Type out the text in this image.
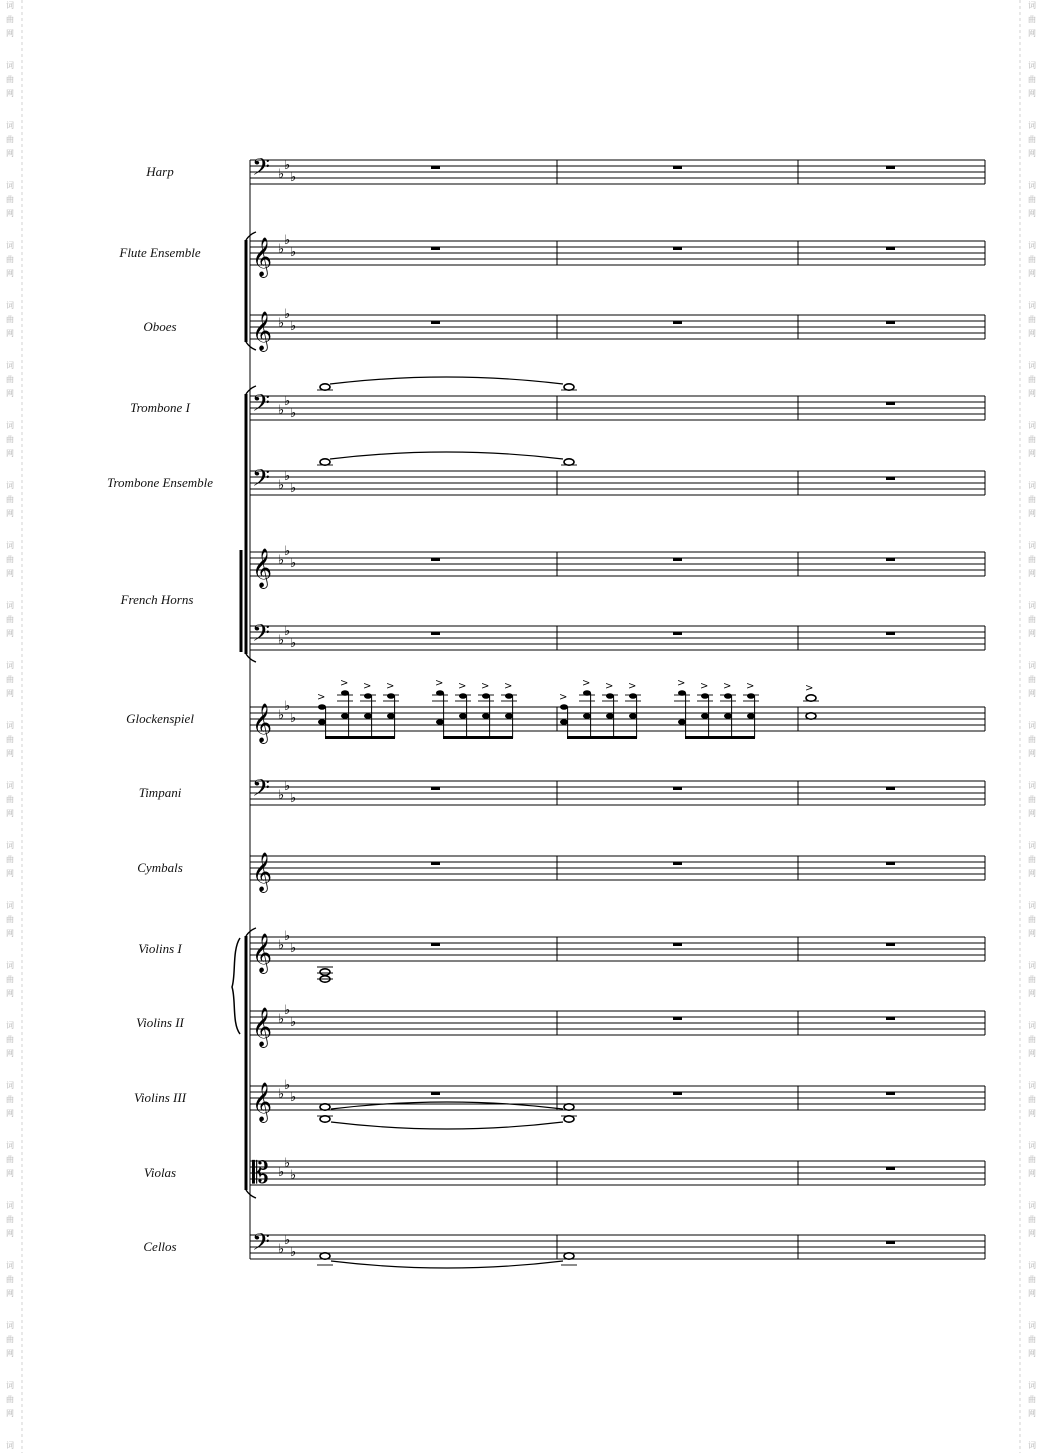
词
曲
网
词
曲
网
词
曲
网
词
曲
网
词
曲
网
词
曲
网
词
曲
网
词
曲
网
词
曲
网
词
曲
网
词
曲
网
词
曲
网
词
曲
网
词
曲
网
词
曲
网
词
曲
网
词
曲
网
词
曲
网
词
曲
网
词
曲
网
词
曲
网
词
曲
网
词
曲
网
词
曲
网
词
词
曲
网
词
曲
网
词
曲
网
词
曲
网
词
曲
网
词
曲
网
词
曲
网
词
曲
网
词
曲
网
词
曲
网
词
曲
网
词
曲
网
词
曲
网
词
曲
网
词
曲
网
词
曲
网
词
曲
网
词
曲
网
词
曲
网
词
曲
网
词
曲
网
词
曲
网
词
曲
网
词
曲
网
词
Harp
Flute Ensemble
Oboes
Trombone I
Trombone Ensemble
French Horns
Glockenspiel
Timpani
Cymbals
Violins I
Violins II
Violins III
Violas
Cellos
𝄢 ♭
♭
♭
𝄞 ♭
♭
♭
𝄞 ♭
♭
♭
𝄢 ♭
♭
♭
𝄢 ♭
♭
♭
𝄞 ♭
♭
♭
𝄢 ♭
♭
♭
𝄞 ♭
♭
♭
𝄢 ♭
♭
♭
𝄞
𝄞 ♭
♭
♭
𝄞 ♭
♭
♭
𝄞 ♭
♭
♭
𝄡 ♭
♭
♭
𝄢 ♭
♭
♭
>
> > >	> > > >
>
> > >	> > > >	>
